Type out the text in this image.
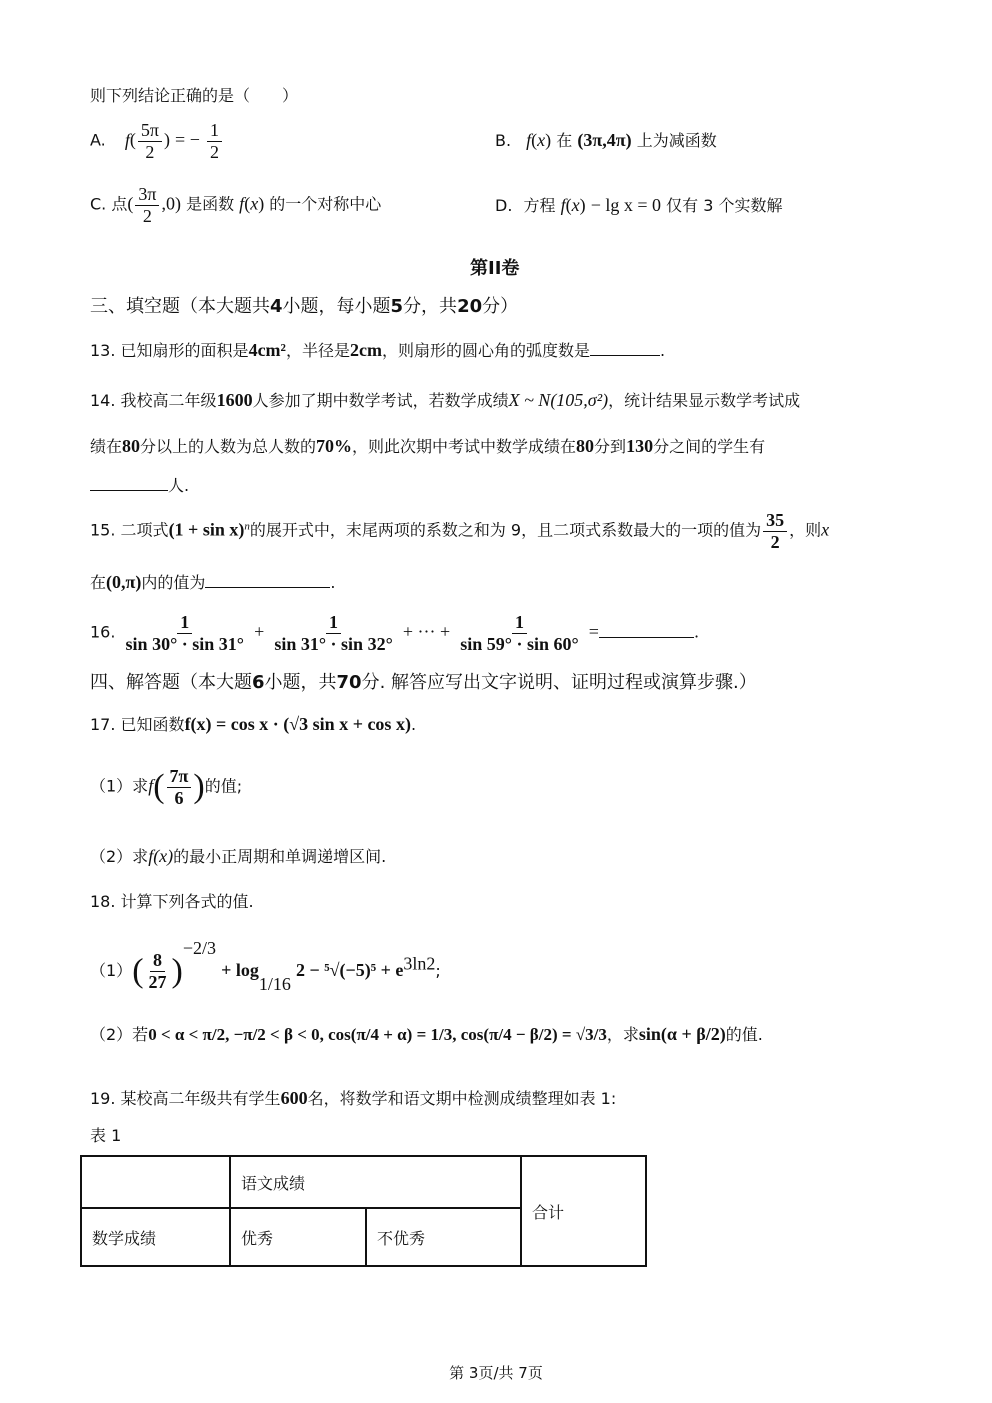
则下列结论正确的是（　　）
A. $f( \frac{5\pi}{2}$ ) = − $\frac{1}{2}$	B. f(x) 在 (3π,4π) 上为减函数
C. 点( $\frac{3\pi}{2} ,0$) 是函数 f(x) 的一个对称中心	D. 方程 f(x) − lg x = 0 仅有 3 个实数解
第II卷
三、填空题（本大题共4小题，每小题5分，共20分）
13. 已知扇形的面积是4cm²，半径是2cm，则扇形的圆心角的弧度数是	.
14. 我校高二年级1600人参加了期中数学考试，若数学成绩X ~ N(105,σ²)，统计结果显示数学考试成
绩在80分以上的人数为总人数的70%，则此次期中考试中数学成绩在80分到130分之间的学生有
人.
15. 二项式$(1 + \sin x)^n$的展开式中，末尾两项的系数之和为 9，且二项式系数最大的一项的值为 $\frac{35}{2}$ ，则x
在(0,π)内的值为	.
16. $\frac{1}{\sin 30^\circ \cdot \sin 31^\circ} + \frac{1}{\sin 31^\circ \cdot \sin 32^\circ}$ + ··· + $\frac{1}{\sin 59^\circ \cdot \sin 60^\circ}$ =	.
四、解答题（本大题6小题，共70分. 解答应写出文字说明、证明过程或演算步骤.）
17. 已知函数f(x) = cos x · (√3 sin x + cos x).
（1）求$f( \frac{7\pi}{6}$ )的值;
（2）求f(x)的最小正周期和单调递增区间.
18. 计算下列各式的值.
$(1)( \frac{8}{27} )^{-2/3} + \log_{1/16} 2 - ^5√(-5)^5 + e^{3ln2}$;
（2）若0 < α < π/2, −π/2 < β < 0, cos(π/4 + α) = 1/3, cos(π/4 − β/2) = √3/3，求sin(α + β/2)的值.
19. 某校高二年级共有学生600名，将数学和语文期中检测成绩整理如表 1:
表 1
	语文成绩		合计
数学成绩	优秀	不优秀	
第 3页/共 7页
